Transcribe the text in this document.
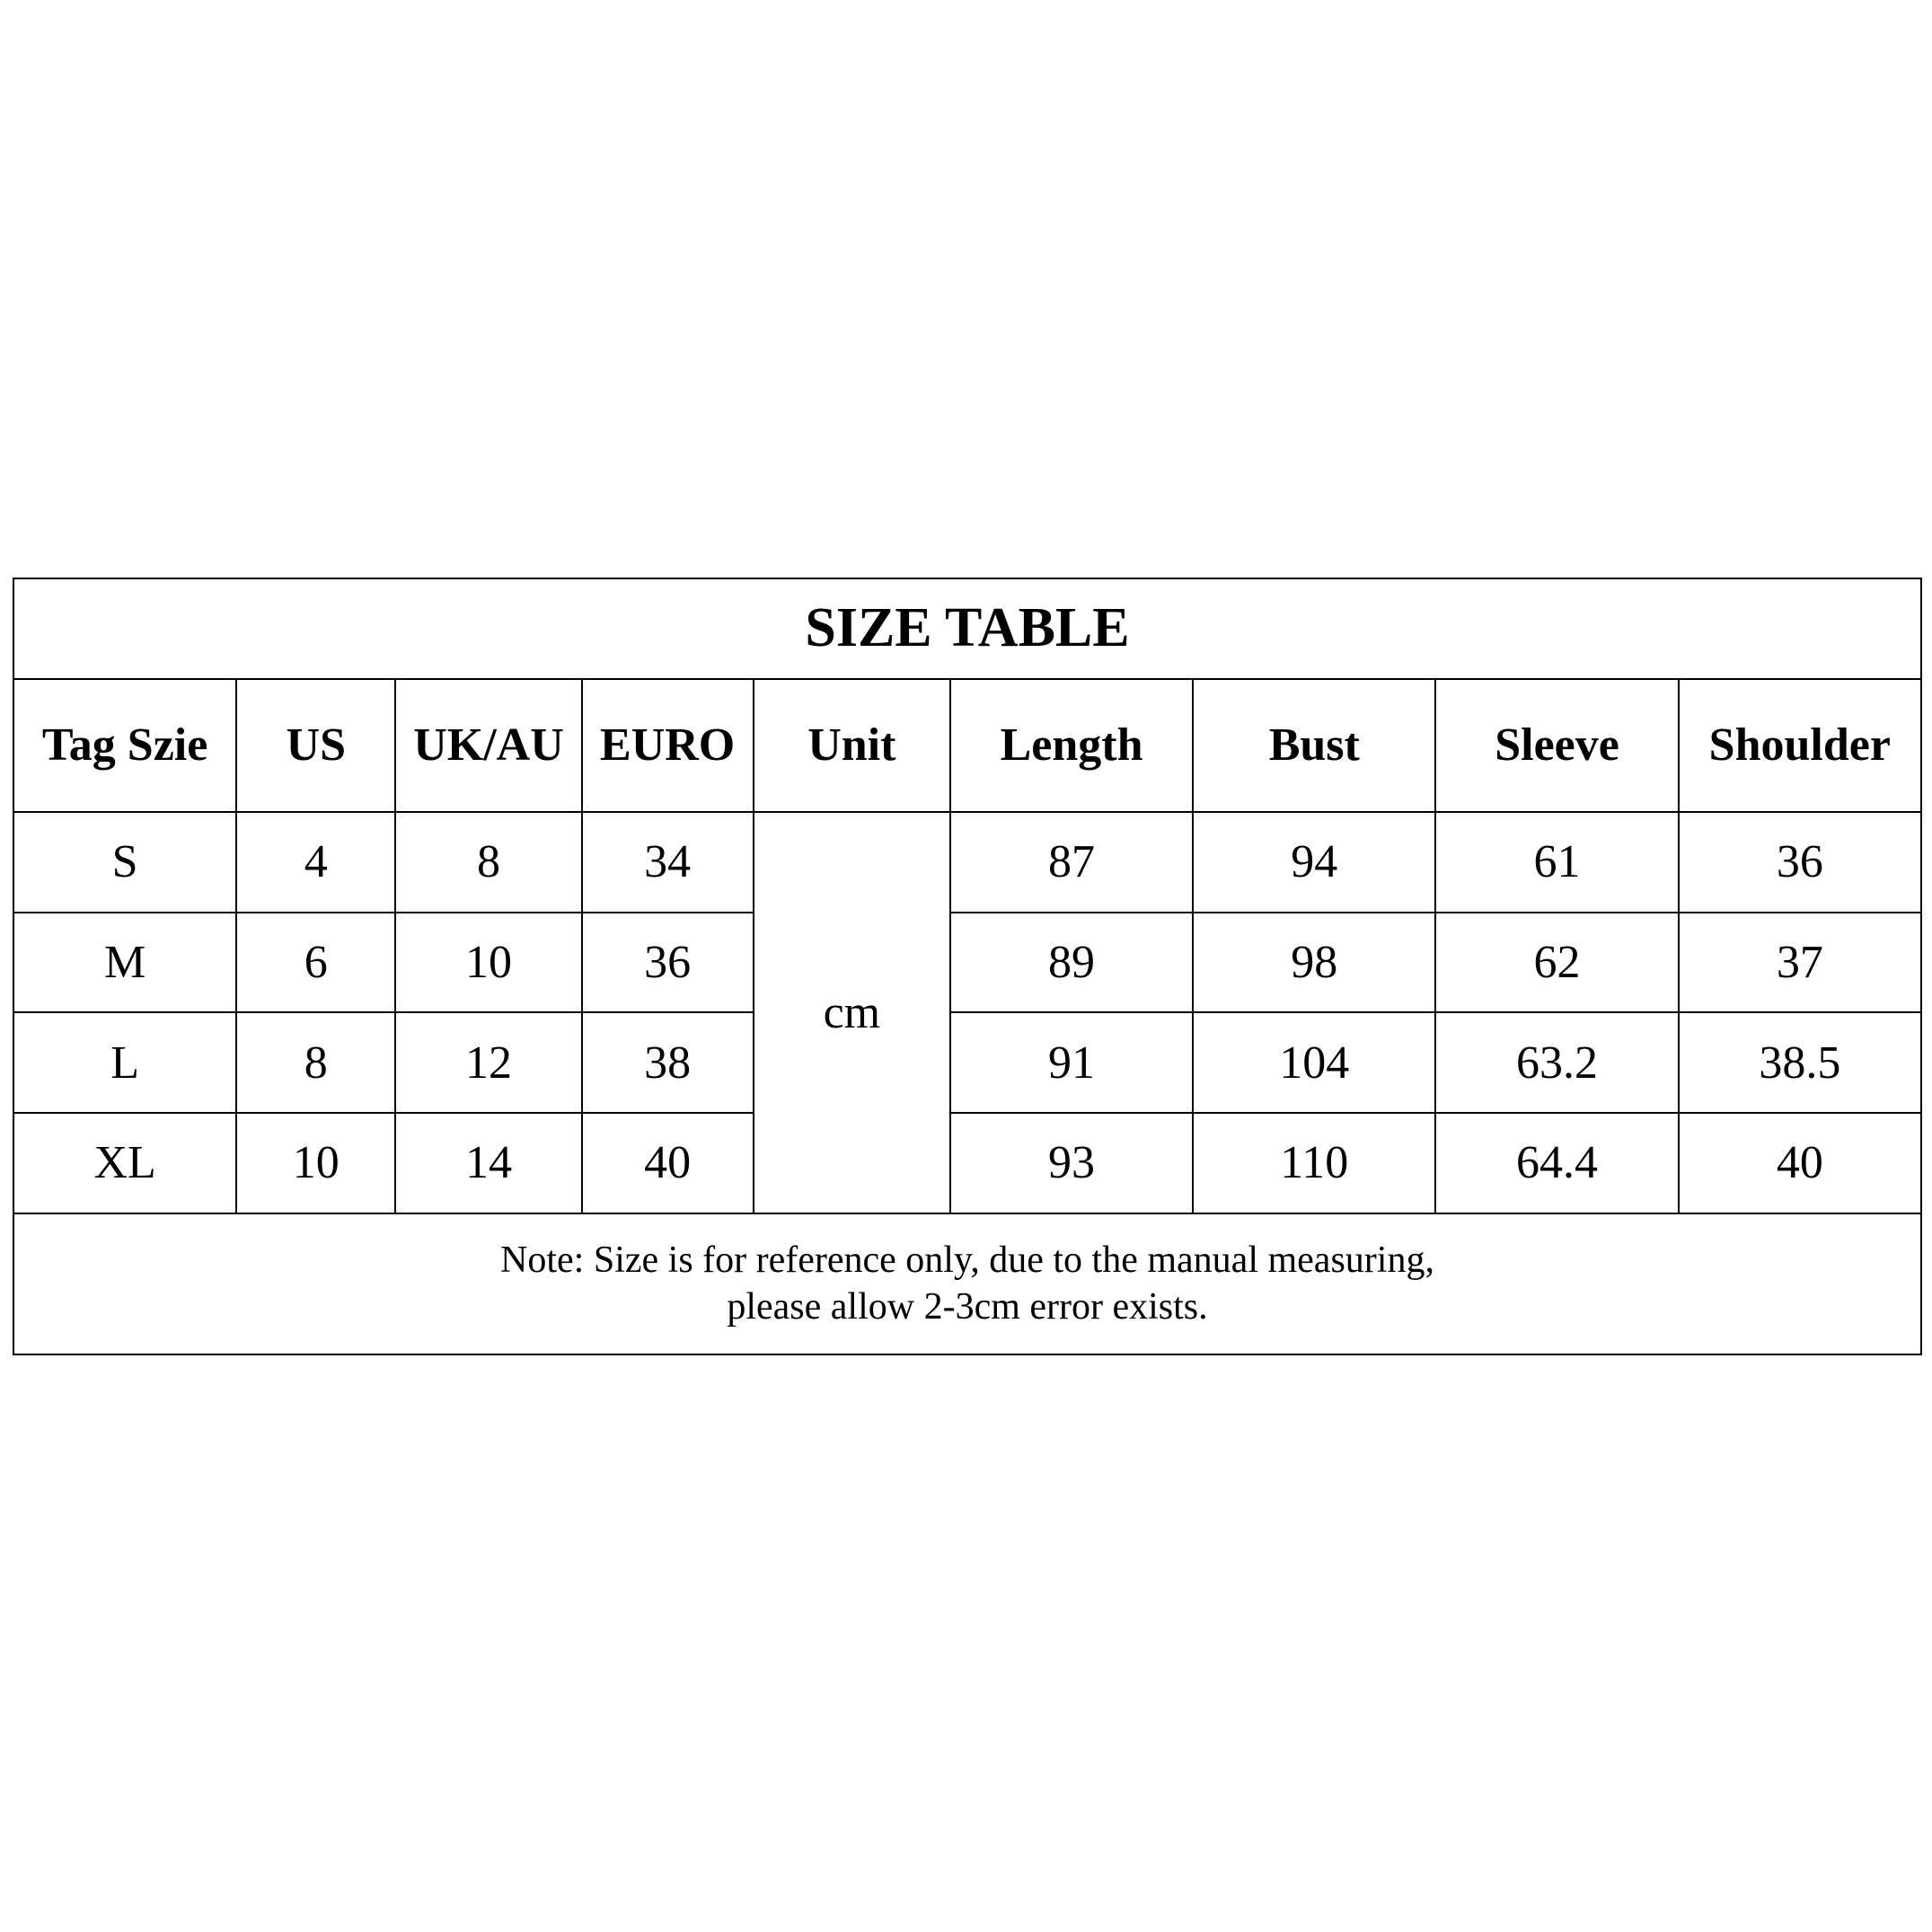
SIZE TABLE								
Tag Szie	US	UK/AU	EURO	Unit	Length	Bust	Sleeve	Shoulder
S	4	8	34	cm	87	94	61	36
M	6	10	36		89	98	62	37
L	8	12	38		91	104	63.2	38.5
XL	10	14	40		93	110	64.4	40

Note: Size is for reference only, due to the manual measuring,
please allow 2-3cm error exists.								
